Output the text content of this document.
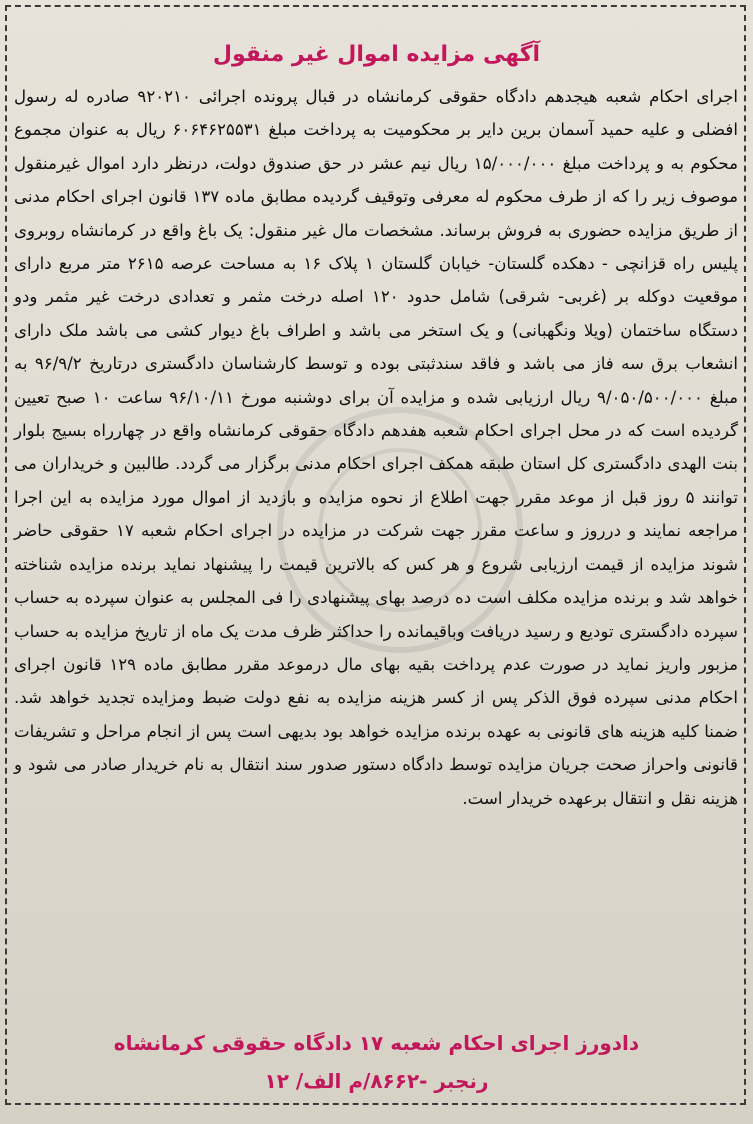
آگهی مزایده اموال غیر منقول

اجرای احکام شعبه هیجدهم دادگاه حقوقی کرمانشاه در قبال پرونده اجرائی ۹۲۰۲۱۰ صادره له رسول افضلی و علیه حمید آسمان برین دایر بر محکومیت به پرداخت مبلغ ۶۰۶۴۶۲۵۵۳۱ ریال به عنوان مجموع محکوم به و پرداخت مبلغ ۱۵/۰۰۰/۰۰۰ ریال نیم عشر در حق صندوق دولت، درنظر دارد اموال غیرمنقول موصوف زیر را که از طرف محکوم له معرفی وتوقیف گردیده مطابق ماده ۱۳۷ قانون اجرای احکام مدنی از طریق مزایده حضوری به فروش برساند. مشخصات مال غیر منقول: یک باغ واقع در کرمانشاه روبروی پلیس راه قزانچی - دهکده گلستان- خیابان گلستان ۱ پلاک ۱۶ به مساحت عرصه ۲۶۱۵ متر مربع دارای موقعیت دوکله بر (غربی- شرقی) شامل حدود ۱۲۰ اصله درخت مثمر و تعدادی درخت غیر مثمر ودو دستگاه ساختمان (ویلا ونگهبانی) و یک استخر می باشد و اطراف باغ دیوار کشی می باشد ملک دارای انشعاب برق سه فاز می باشد و فاقد سندثبتی بوده و توسط کارشناسان دادگستری درتاریخ ۹۶/۹/۲ به مبلغ ۹/۰۵۰/۵۰۰/۰۰۰ ریال ارزیابی شده و مزایده آن برای دوشنبه مورخ ۹۶/۱۰/۱۱ ساعت ۱۰ صبح تعیین گردیده است که در محل اجرای احکام شعبه هفدهم دادگاه حقوقی کرمانشاه واقع در چهارراه بسیج بلوار بنت الهدی دادگستری کل استان طبقه همکف اجرای احکام مدنی برگزار می گردد. طالبین و خریداران می توانند ۵ روز قبل از موعد مقرر جهت اطلاع از نحوه مزایده و بازدید از اموال مورد مزایده به این اجرا مراجعه نمایند و درروز و ساعت مقرر جهت شرکت در مزایده در اجرای احکام شعبه ۱۷ حقوقی حاضر شوند مزایده از قیمت ارزیابی شروع و هر کس که بالاترین قیمت را پیشنهاد نماید برنده مزایده شناخته خواهد شد و برنده مزایده مکلف است ده درصد بهای پیشنهادی را فی المجلس به عنوان سپرده به حساب سپرده دادگستری تودیع و رسید دریافت وباقیمانده را حداکثر ظرف مدت یک ماه از تاریخ مزایده به حساب مزبور واریز نماید در صورت عدم پرداخت بقیه بهای مال درموعد مقرر مطابق ماده ۱۲۹ قانون اجرای احکام مدنی سپرده فوق الذکر پس از کسر هزینه مزایده به نفع دولت ضبط ومزایده تجدید خواهد شد. ضمنا کلیه هزینه های قانونی به عهده برنده مزایده خواهد بود بدیهی است پس از انجام مراحل و تشریفات قانونی واحراز صحت جریان مزایده توسط دادگاه دستور صدور سند انتقال به نام خریدار صادر می شود و هزینه نقل و انتقال برعهده خریدار است.

دادورز اجرای احکام شعبه ۱۷ دادگاه حقوقی کرمانشاه
رنجبر -۸۶۶۲/م الف/ ۱۲
